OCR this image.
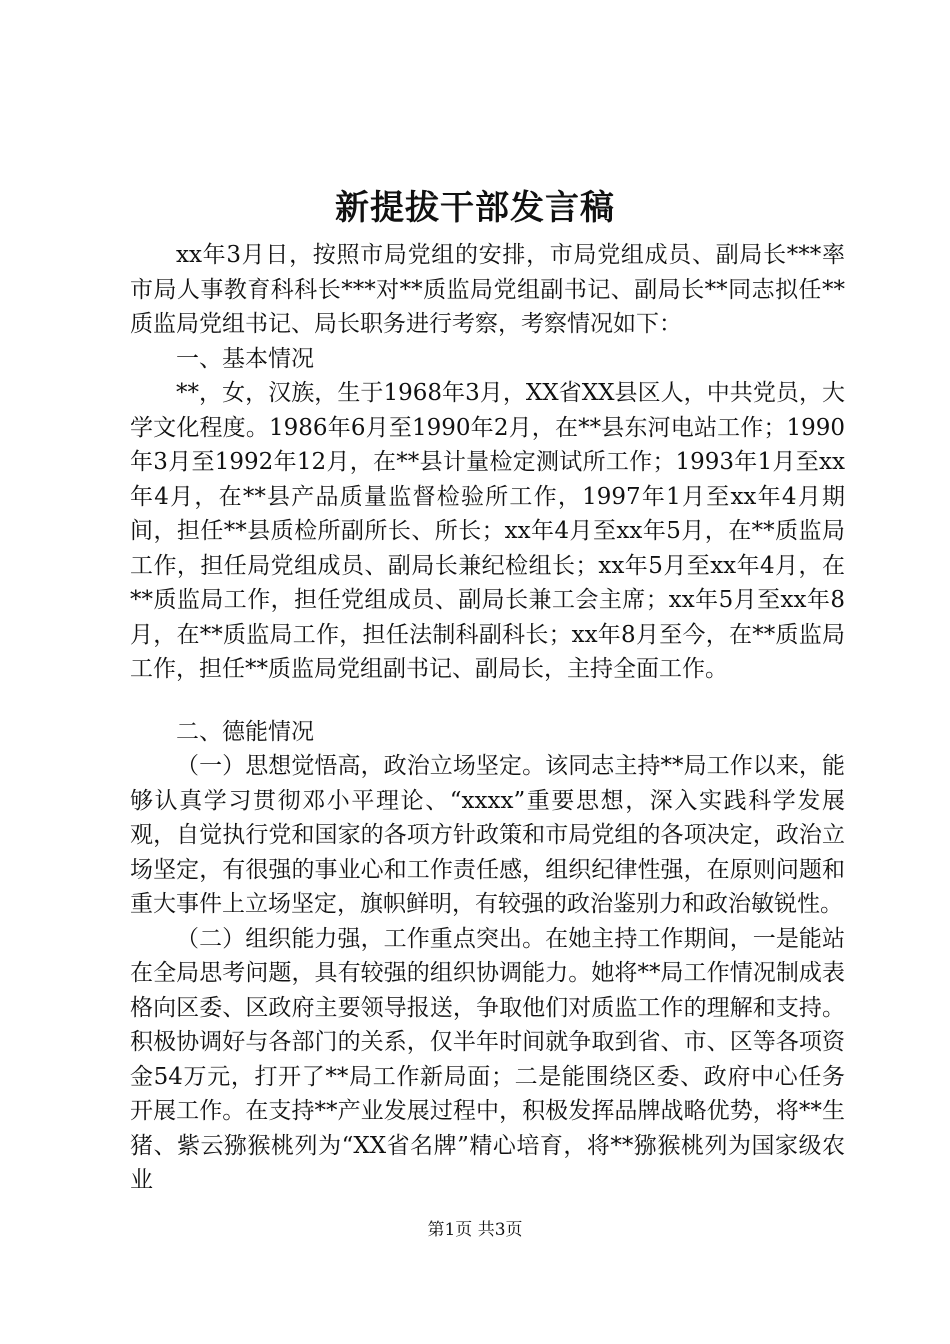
新提拔干部发言稿

xx年3月日，按照市局党组的安排，市局党组成员、副局长***率市局人事教育科科长***对**质监局党组副书记、副局长**同志拟任**质监局党组书记、局长职务进行考察，考察情况如下：

一、基本情况

**，女，汉族，生于1968年3月，XX省XX县区人，中共党员，大学文化程度。1986年6月至1990年2月，在**县东河电站工作；1990年3月至1992年12月，在**县计量检定测试所工作；1993年1月至xx年4月，在**县产品质量监督检验所工作，1997年1月至xx年4月期间，担任**县质检所副所长、所长；xx年4月至xx年5月，在**质监局工作，担任局党组成员、副局长兼纪检组长；xx年5月至xx年4月，在**质监局工作，担任党组成员、副局长兼工会主席；xx年5月至xx年8月，在**质监局工作，担任法制科副科长；xx年8月至今，在**质监局工作，担任**质监局党组副书记、副局长，主持全面工作。

二、德能情况

（一）思想觉悟高，政治立场坚定。该同志主持**局工作以来，能够认真学习贯彻邓小平理论、“xxxx”重要思想，深入实践科学发展观，自觉执行党和国家的各项方针政策和市局党组的各项决定，政治立场坚定，有很强的事业心和工作责任感，组织纪律性强，在原则问题和重大事件上立场坚定，旗帜鲜明，有较强的政治鉴别力和政治敏锐性。

（二）组织能力强，工作重点突出。在她主持工作期间，一是能站在全局思考问题，具有较强的组织协调能力。她将**局工作情况制成表格向区委、区政府主要领导报送，争取他们对质监工作的理解和支持。积极协调好与各部门的关系，仅半年时间就争取到省、市、区等各项资金54万元，打开了**局工作新局面；二是能围绕区委、政府中心任务开展工作。在支持**产业发展过程中，积极发挥品牌战略优势，将**生猪、紫云猕猴桃列为“XX省名牌”精心培育，将**猕猴桃列为国家级农业

第1页 共3页
